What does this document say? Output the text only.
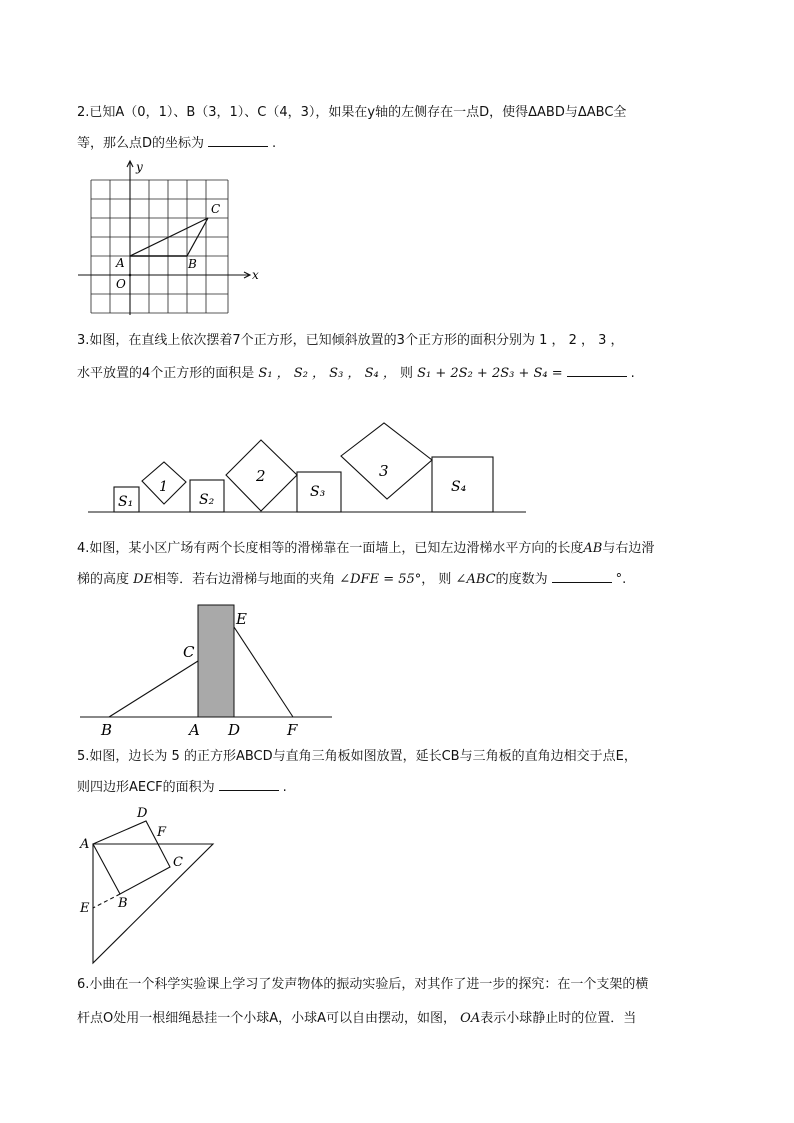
2.已知A（0，1）、B（3，1）、C（4，3），如果在y轴的左侧存在一点D，使得ΔABD与ΔABC全
等，那么点D的坐标为	.
y
x
O
A	B
C
3.如图，在直线上依次摆着7个正方形，已知倾斜放置的3个正方形的面积分别为 1 ， 2 ， 3 ，
水平放置的4个正方形的面积是 S₁ ， S₂ ， S₃ ， S₄ ， 则 S₁ + 2S₂ + 2S₃ + S₄ =	.
S₁
1
S₂
2
S₃
3
S₄
4.如图，某小区广场有两个长度相等的滑梯靠在一面墙上，已知左边滑梯水平方向的长度AB与右边滑
梯的高度 DE相等．若右边滑梯与地面的夹角 ∠DFE = 55°， 则 ∠ABC的度数为	°.
E
C
B	A D	F
5.如图，边长为 5 的正方形ABCD与直角三角板如图放置，延长CB与三角板的直角边相交于点E，
则四边形AECF的面积为	.
D
F
A
C
B
E
6.小曲在一个科学实验课上学习了发声物体的振动实验后，对其作了进一步的探究：在一个支架的横
杆点O处用一根细绳悬挂一个小球A，小球A可以自由摆动，如图， OA表示小球静止时的位置．当
